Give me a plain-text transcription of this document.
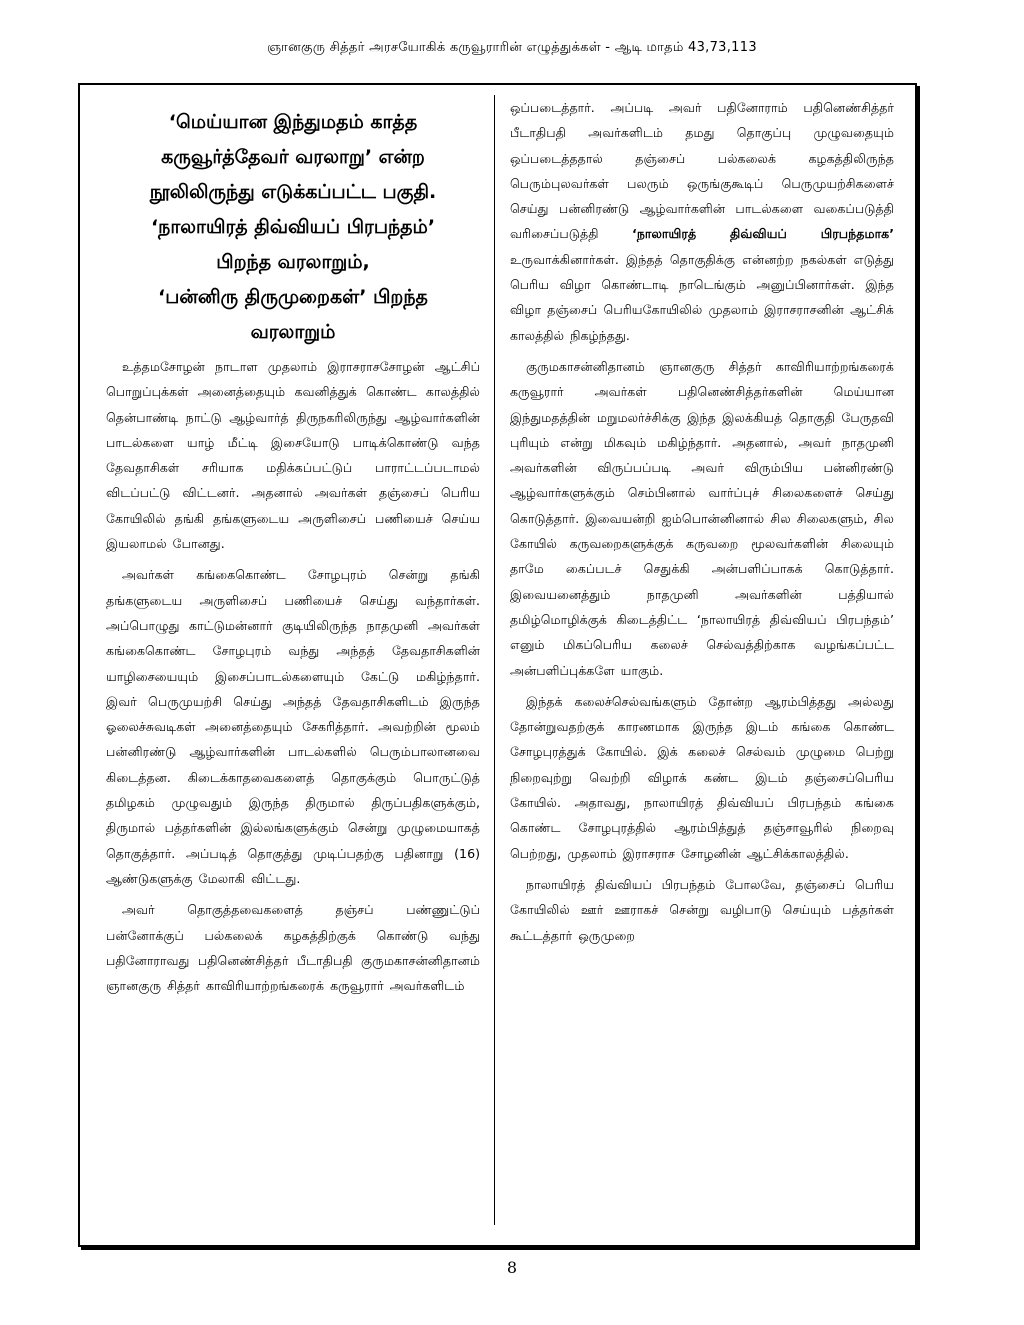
ஞானகுரு சித்தர் அரசயோகிக் கருவூராரின் எழுத்துக்கள் - ஆடி மாதம் 43,73,113

‘மெய்யான இந்துமதம் காத்த

கருவூர்த்தேவர் வரலாறு’ என்ற

நூலிலிருந்து எடுக்கப்பட்ட பகுதி.

‘நாலாயிரத் திவ்வியப் பிரபந்தம்’

பிறந்த வரலாறும்,

‘பன்னிரு திருமுறைகள்’ பிறந்த

வரலாறும்

உத்தமசோழன் நாடாள முதலாம் இராசராசசோழன் ஆட்சிப் பொறுப்புக்கள் அனைத்தையும் கவனித்துக் கொண்ட காலத்தில் தென்பாண்டி நாட்டு ஆழ்வார்த் திருநகரிலிருந்து ஆழ்வார்களின் பாடல்களை யாழ் மீட்டி இசையோடு பாடிக்கொண்டு வந்த தேவதாசிகள் சரியாக மதிக்கப்பட்டுப் பாராட்டப்படாமல் விடப்பட்டு விட்டனர். அதனால் அவர்கள் தஞ்சைப் பெரிய கோயிலில் தங்கி தங்களுடைய அருளிசைப் பணியைச் செய்ய இயலாமல் போனது.

அவர்கள் கங்கைகொண்ட சோழபுரம் சென்று தங்கி தங்களுடைய அருளிசைப் பணியைச் செய்து வந்தார்கள். அப்பொழுது காட்டுமன்னார் குடியிலிருந்த நாதமுனி அவர்கள் கங்கைகொண்ட சோழபுரம் வந்து அந்தத் தேவதாசிகளின் யாழிசையையும் இசைப்பாடல்களையும் கேட்டு மகிழ்ந்தார். இவர் பெருமுயற்சி செய்து அந்தத் தேவதாசிகளிடம் இருந்த ஓலைச்சுவடிகள் அனைத்தையும் சேகரித்தார். அவற்றின் மூலம் பன்னிரண்டு ஆழ்வார்களின் பாடல்களில் பெரும்பாலானவை கிடைத்தன. கிடைக்காதவைகளைத் தொகுக்கும் பொருட்டுத் தமிழகம் முழுவதும் இருந்த திருமால் திருப்பதிகளுக்கும், திருமால் பத்தர்களின் இல்லங்களுக்கும் சென்று முழுமையாகத் தொகுத்தார். அப்படித் தொகுத்து முடிப்பதற்கு பதினாறு (16) ஆண்டுகளுக்கு மேலாகி விட்டது.

அவர் தொகுத்தவைகளைத் தஞ்சப் பண்ணுட்டுப் பன்னோக்குப் பல்கலைக் கழகத்திற்குக் கொண்டு வந்து பதினோராவது பதினெண்சித்தர் பீடாதிபதி குருமகாசன்னிதானம் ஞானகுரு சித்தர் காவிரியாற்றங்கரைக் கருவூரார் அவர்களிடம்

ஒப்படைத்தார். அப்படி அவர் பதினோராம் பதினெண்சித்தர் பீடாதிபதி அவர்களிடம் தமது தொகுப்பு முழுவதையும் ஒப்படைத்ததால் தஞ்சைப் பல்கலைக் கழகத்திலிருந்த பெரும்புலவர்கள் பலரும் ஒருங்குகூடிப் பெருமுயற்சிகளைச் செய்து பன்னிரண்டு ஆழ்வார்களின் பாடல்களை வகைப்படுத்தி வரிசைப்படுத்தி ‘நாலாயிரத் திவ்வியப் பிரபந்தமாக’ உருவாக்கினார்கள். இந்தத் தொகுதிக்கு என்னற்ற நகல்கள் எடுத்து பெரிய விழா கொண்டாடி நாடெங்கும் அனுப்பினார்கள். இந்த விழா தஞ்சைப் பெரியகோயிலில் முதலாம் இராசராசனின் ஆட்சிக் காலத்தில் நிகழ்ந்தது.

குருமகாசன்னிதானம் ஞானகுரு சித்தர் காவிரியாற்றங்கரைக் கருவூரார் அவர்கள் பதினெண்சித்தர்களின் மெய்யான இந்துமதத்தின் மறுமலர்ச்சிக்கு இந்த இலக்கியத் தொகுதி பேருதவி புரியும் என்று மிகவும் மகிழ்ந்தார். அதனால், அவர் நாதமுனி அவர்களின் விருப்பப்படி அவர் விரும்பிய பன்னிரண்டு ஆழ்வார்களுக்கும் செம்பினால் வார்ப்புச் சிலைகளைச் செய்து கொடுத்தார். இவையன்றி ஐம்பொன்னினால் சில சிலைகளும், சில கோயில் கருவறைகளுக்குக் கருவறை மூலவர்களின் சிலையும் தாமே கைப்படச் செதுக்கி அன்பளிப்பாகக் கொடுத்தார். இவையனைத்தும் நாதமுனி அவர்களின் பத்தியால் தமிழ்மொழிக்குக் கிடைத்திட்ட ‘நாலாயிரத் திவ்வியப் பிரபந்தம்’ எனும் மிகப்பெரிய கலைச் செல்வத்திற்காக வழங்கப்பட்ட அன்பளிப்புக்களே யாகும்.

இந்தக் கலைச்செல்வங்களும் தோன்ற ஆரம்பித்தது அல்லது தோன்றுவதற்குக் காரணமாக இருந்த இடம் கங்கை கொண்ட சோழபுரத்துக் கோயில். இக் கலைச் செல்வம் முழுமை பெற்று நிறைவுற்று வெற்றி விழாக் கண்ட இடம் தஞ்சைப்பெரிய கோயில். அதாவது, நாலாயிரத் திவ்வியப் பிரபந்தம் கங்கை கொண்ட சோழபுரத்தில் ஆரம்பித்துத் தஞ்சாவூரில் நிறைவு பெற்றது, முதலாம் இராசராச சோழனின் ஆட்சிக்காலத்தில்.

நாலாயிரத் திவ்வியப் பிரபந்தம் போலவே, தஞ்சைப் பெரிய கோயிலில் ஊர் ஊராகச் சென்று வழிபாடு செய்யும் பத்தர்கள் கூட்டத்தார் ஒருமுறை

8
